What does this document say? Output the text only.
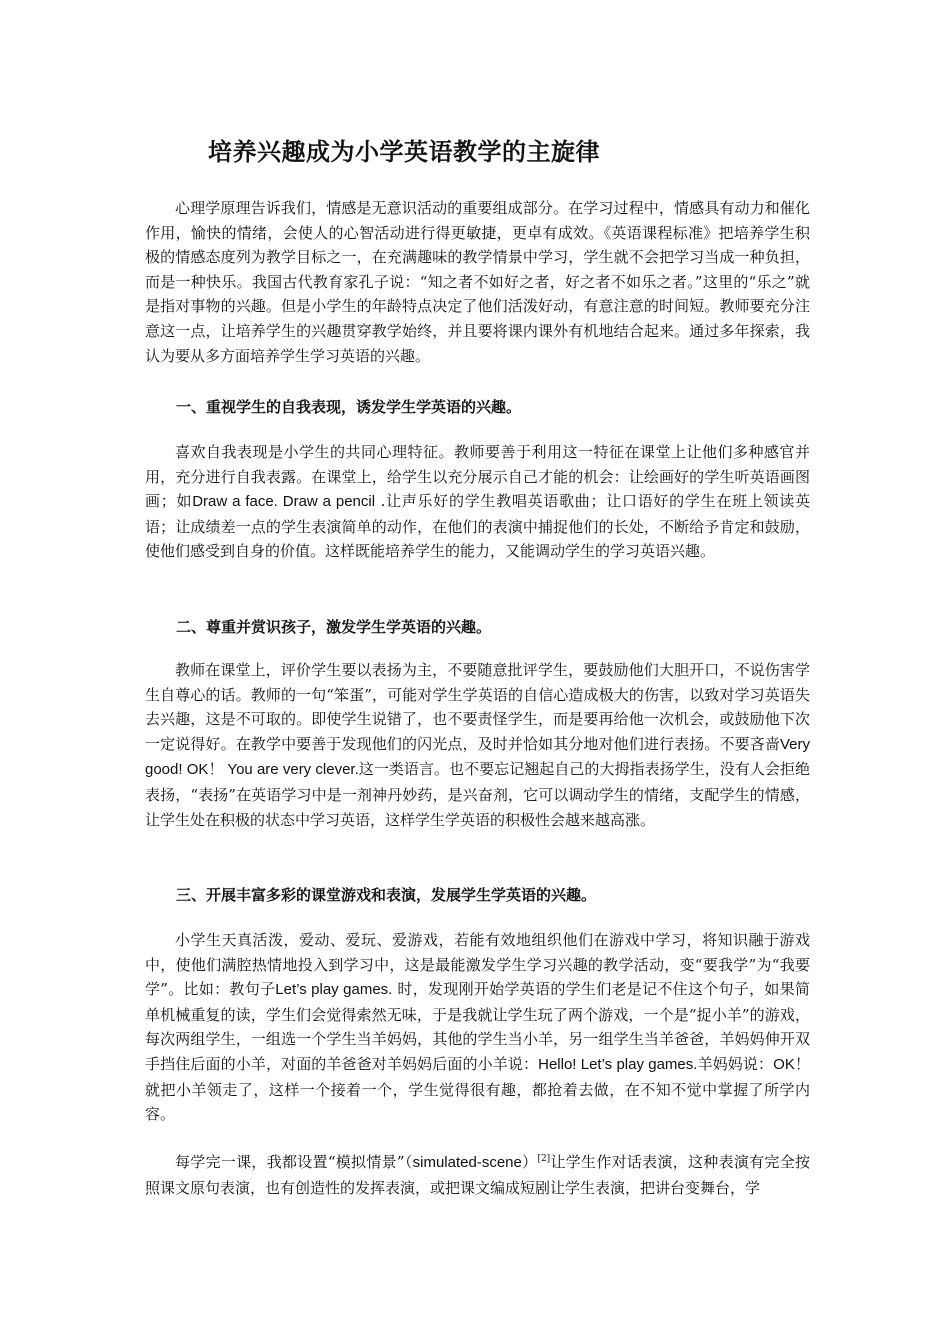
培养兴趣成为小学英语教学的主旋律

心理学原理告诉我们，情感是无意识活动的重要组成部分。在学习过程中，情感具有动力和催化作用，愉快的情绪，会使人的心智活动进行得更敏捷，更卓有成效。《英语课程标准》把培养学生积极的情感态度列为教学目标之一，在充满趣味的教学情景中学习，学生就不会把学习当成一种负担，而是一种快乐。我国古代教育家孔子说：“知之者不如好之者，好之者不如乐之者。”这里的“乐之”就是指对事物的兴趣。但是小学生的年龄特点决定了他们活泼好动，有意注意的时间短。教师要充分注意这一点，让培养学生的兴趣贯穿教学始终，并且要将课内课外有机地结合起来。通过多年探索，我认为要从多方面培养学生学习英语的兴趣。

一、重视学生的自我表现，诱发学生学英语的兴趣。

喜欢自我表现是小学生的共同心理特征。教师要善于利用这一特征在课堂上让他们多种感官并用，充分进行自我表露。在课堂上，给学生以充分展示自己才能的机会：让绘画好的学生听英语画图画；如Draw a face. Draw a pencil .让声乐好的学生教唱英语歌曲；让口语好的学生在班上领读英语；让成绩差一点的学生表演简单的动作，在他们的表演中捕捉他们的长处，不断给予肯定和鼓励，使他们感受到自身的价值。这样既能培养学生的能力，又能调动学生的学习英语兴趣。

二、尊重并赏识孩子，激发学生学英语的兴趣。

教师在课堂上，评价学生要以表扬为主，不要随意批评学生，要鼓励他们大胆开口，不说伤害学生自尊心的话。教师的一句“笨蛋”，可能对学生学英语的自信心造成极大的伤害，以致对学习英语失去兴趣，这是不可取的。即使学生说错了，也不要责怪学生，而是要再给他一次机会，或鼓励他下次一定说得好。在教学中要善于发现他们的闪光点，及时并恰如其分地对他们进行表扬。不要吝啬Very good! OK！ You are very clever.这一类语言。也不要忘记翘起自己的大拇指表扬学生，没有人会拒绝表扬，“表扬”在英语学习中是一剂神丹妙药，是兴奋剂，它可以调动学生的情绪，支配学生的情感，让学生处在积极的状态中学习英语，这样学生学英语的积极性会越来越高涨。

三、开展丰富多彩的课堂游戏和表演，发展学生学英语的兴趣。

小学生天真活泼，爱动、爱玩、爱游戏，若能有效地组织他们在游戏中学习，将知识融于游戏中，使他们满腔热情地投入到学习中，这是最能激发学生学习兴趣的教学活动，变“要我学”为“我要学”。比如：教句子Let’s play games. 时，发现刚开始学英语的学生们老是记不住这个句子，如果简单机械重复的读，学生们会觉得索然无味，于是我就让学生玩了两个游戏，一个是“捉小羊”的游戏，每次两组学生，一组选一个学生当羊妈妈，其他的学生当小羊，另一组学生当羊爸爸，羊妈妈伸开双手挡住后面的小羊，对面的羊爸爸对羊妈妈后面的小羊说：Hello! Let’s play games.羊妈妈说：OK！就把小羊领走了，这样一个接着一个，学生觉得很有趣，都抢着去做，在不知不觉中掌握了所学内容。

每学完一课，我都设置“模拟情景”（simulated-scene）[2]让学生作对话表演，这种表演有完全按照课文原句表演，也有创造性的发挥表演，或把课文编成短剧让学生表演，把讲台变舞台，学
